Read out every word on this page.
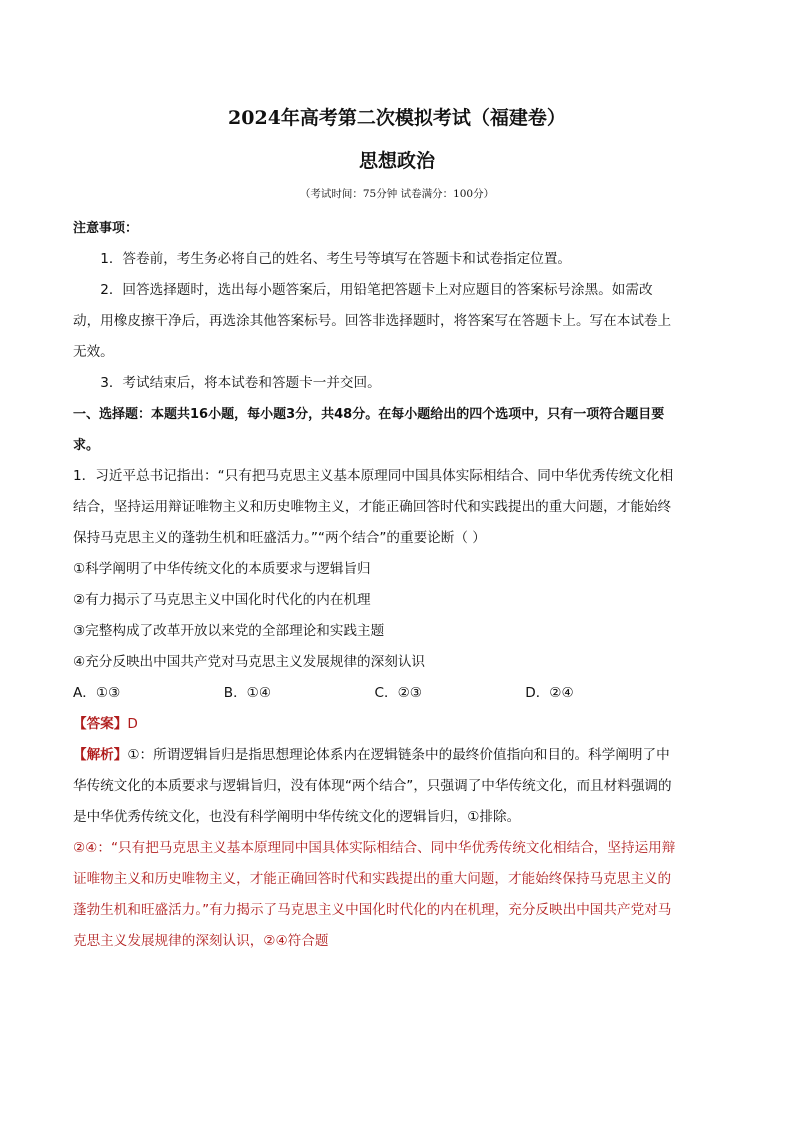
2024年高考第二次模拟考试（福建卷）
思想政治
（考试时间：75分钟 试卷满分：100分）

注意事项：

1．答卷前，考生务必将自己的姓名、考生号等填写在答题卡和试卷指定位置。

2．回答选择题时，选出每小题答案后，用铅笔把答题卡上对应题目的答案标号涂黑。如需改动，用橡皮擦干净后，再选涂其他答案标号。回答非选择题时，将答案写在答题卡上。写在本试卷上无效。

3．考试结束后，将本试卷和答题卡一并交回。

一、选择题：本题共16小题，每小题3分，共48分。在每小题给出的四个选项中，只有一项符合题目要求。

1．习近平总书记指出：“只有把马克思主义基本原理同中国具体实际相结合、同中华优秀传统文化相结合，坚持运用辩证唯物主义和历史唯物主义，才能正确回答时代和实践提出的重大问题，才能始终保持马克思主义的蓬勃生机和旺盛活力。”“两个结合”的重要论断（ ）

①科学阐明了中华传统文化的本质要求与逻辑旨归

②有力揭示了马克思主义中国化时代化的内在机理

③完整构成了改革开放以来党的全部理论和实践主题

④充分反映出中国共产党对马克思主义发展规律的深刻认识

A．①③	B．①④	C．②③	D．②④

【答案】D

【解析】①：所谓逻辑旨归是指思想理论体系内在逻辑链条中的最终价值指向和目的。科学阐明了中华传统文化的本质要求与逻辑旨归，没有体现“两个结合”，只强调了中华传统文化，而且材料强调的是中华优秀传统文化，也没有科学阐明中华传统文化的逻辑旨归，①排除。

②④：“只有把马克思主义基本原理同中国具体实际相结合、同中华优秀传统文化相结合，坚持运用辩证唯物主义和历史唯物主义，才能正确回答时代和实践提出的重大问题，才能始终保持马克思主义的蓬勃生机和旺盛活力。”有力揭示了马克思主义中国化时代化的内在机理，充分反映出中国共产党对马克思主义发展规律的深刻认识，②④符合题
